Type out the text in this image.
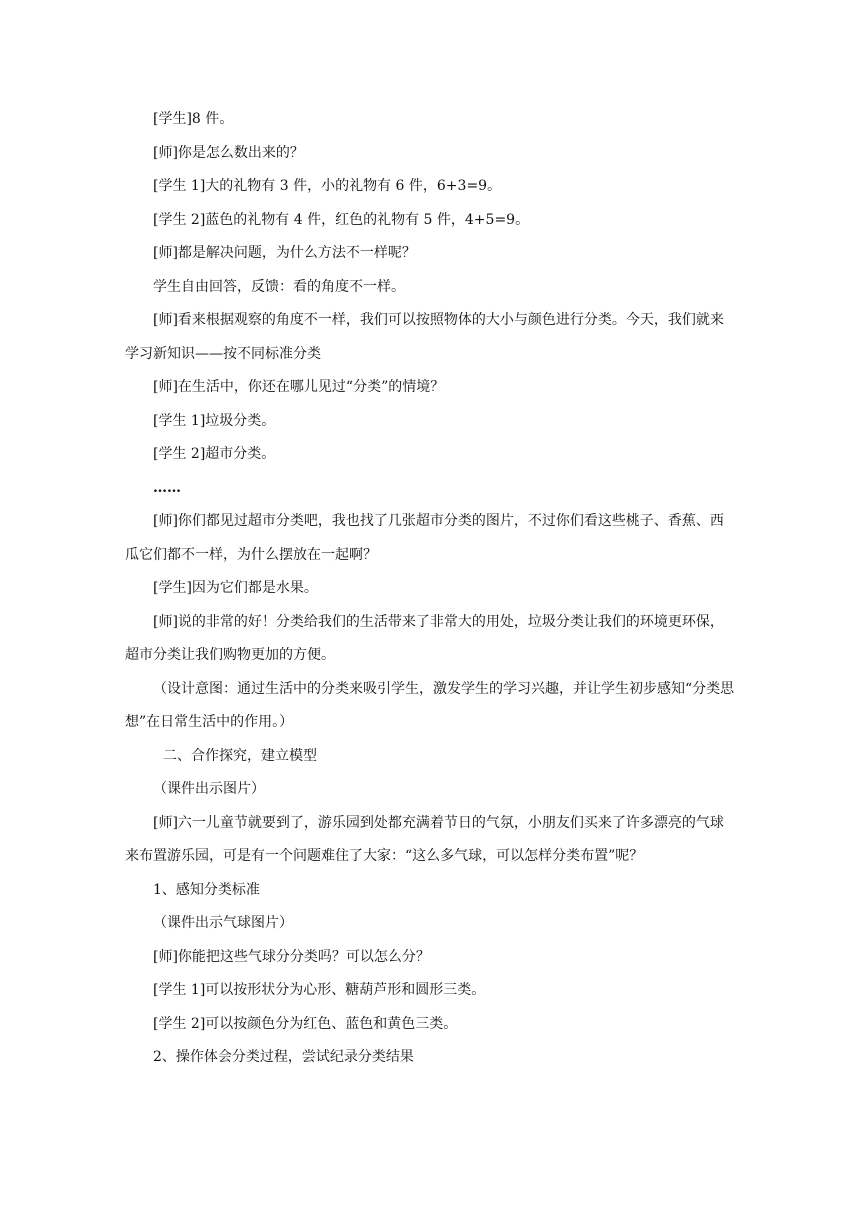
[学生]8 件。

[师]你是怎么数出来的？

[学生 1]大的礼物有 3 件，小的礼物有 6 件，6+3=9。

[学生 2]蓝色的礼物有 4 件，红色的礼物有 5 件，4+5=9。

[师]都是解决问题，为什么方法不一样呢？

学生自由回答，反馈：看的角度不一样。

[师]看来根据观察的角度不一样，我们可以按照物体的大小与颜色进行分类。今天，我们就来学习新知识——按不同标准分类

[师]在生活中，你还在哪儿见过“分类”的情境？

[学生 1]垃圾分类。

[学生 2]超市分类。

……

[师]你们都见过超市分类吧，我也找了几张超市分类的图片，不过你们看这些桃子、香蕉、西瓜它们都不一样，为什么摆放在一起啊？

[学生]因为它们都是水果。

[师]说的非常的好！分类给我们的生活带来了非常大的用处，垃圾分类让我们的环境更环保，超市分类让我们购物更加的方便。

（设计意图：通过生活中的分类来吸引学生，激发学生的学习兴趣，并让学生初步感知“分类思想”在日常生活中的作用。）

二、合作探究，建立模型

（课件出示图片）

[师]六一儿童节就要到了，游乐园到处都充满着节日的气氛，小朋友们买来了许多漂亮的气球来布置游乐园，可是有一个问题难住了大家：“这么多气球，可以怎样分类布置”呢？

1、感知分类标准

（课件出示气球图片）

[师]你能把这些气球分分类吗？可以怎么分？

[学生 1]可以按形状分为心形、糖葫芦形和圆形三类。

[学生 2]可以按颜色分为红色、蓝色和黄色三类。

2、操作体会分类过程，尝试纪录分类结果
